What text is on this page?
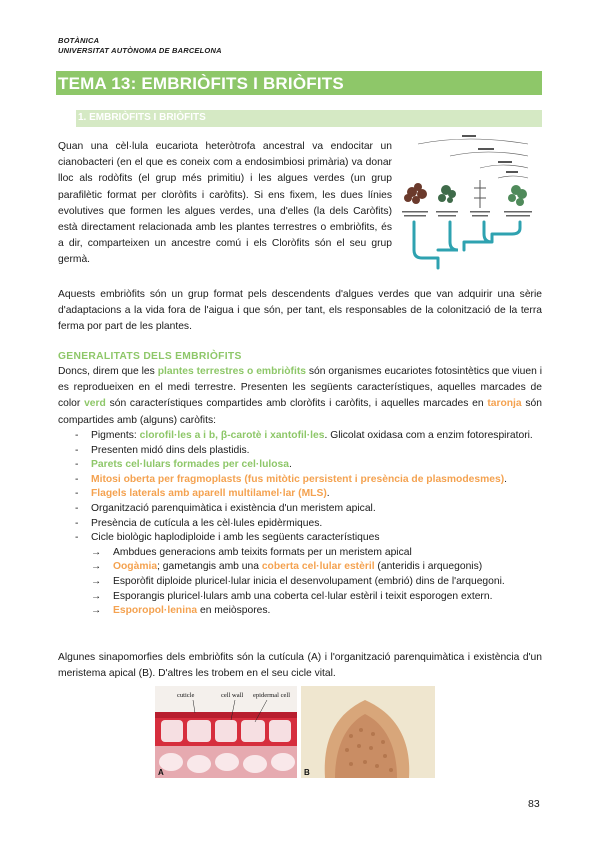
BOTÀNICA
UNIVERSITAT AUTÒNOMA DE BARCELONA
TEMA 13: EMBRIÒFITS I BRIÒFITS
1. EMBRIÒFITS I BRIÒFITS
Quan una cèl·lula eucariota heteròtrofa ancestral va endocitar un cianobacteri (en el que es coneix com a endosimbiosi primària) va donar lloc als rodòfits (el grup més primitiu) i les algues verdes (un grup parafilètic format per cloròfits i caròfits). Si ens fixem, les dues línies evolutives que formen les algues verdes, una d'elles (la dels Caròfits) està directament relacionada amb les plantes terrestres o embriòfits, és a dir, comparteixen un ancestre comú i els Cloròfits són el seu grup germà.
Aquests embriòfits són un grup format pels descendents d'algues verdes que van adquirir una sèrie d'adaptacions a la vida fora de l'aigua i que són, per tant, els responsables de la colonització de la terra ferma por part de les plantes.
GENERALITATS DELS EMBRIÒFITS
Doncs, direm que les plantes terrestres o embriòfits són organismes eucariotes fotosintètics que viuen i es reprodueixen en el medi terrestre. Presenten les següents característiques, aquelles marcades de color verd són característiques compartides amb cloròfits i caròfits, i aquelles marcades en taronja són compartides amb (alguns) caròfits:
- Pigments: clorofil·les a i b, β-carotè i xantofil·les. Glicolat oxidasa com a enzim fotorespiratori.
- Presenten midó dins dels plastidis.
- Parets cel·lulars formades per cel·lulosa.
- Mitosi oberta per fragmoplasts (fus mitòtic persistent i presència de plasmodesmes).
- Flagels laterals amb aparell multilamel·lar (MLS).
- Organització parenquimàtica i existència d'un meristem apical.
- Presència de cutícula a les cèl·lules epidèrmiques.
- Cicle biològic haplodiploide i amb les següents característiques
→ Ambdues generacions amb teixits formats per un meristem apical
→ Oogàmia; gametangis amb una coberta cel·lular estèril (anteridis i arquegonis)
→ Esporòfit diploide pluricel·lular inicia el desenvolupament (embrió) dins de l'arquegoni.
→ Esporangis pluricel·lulars amb una coberta cel·lular estèril i teixit esporogen extern.
→ Esporopol·lenina en meiòspores.
Algunes sinapomorfies dels embriòfits són la cutícula (A) i l'organització parenquimàtica i existència d'un meristema apical (B). D'altres les trobem en el seu cicle vital.
cuticle	cell wall epidermal cell
A	B
83
